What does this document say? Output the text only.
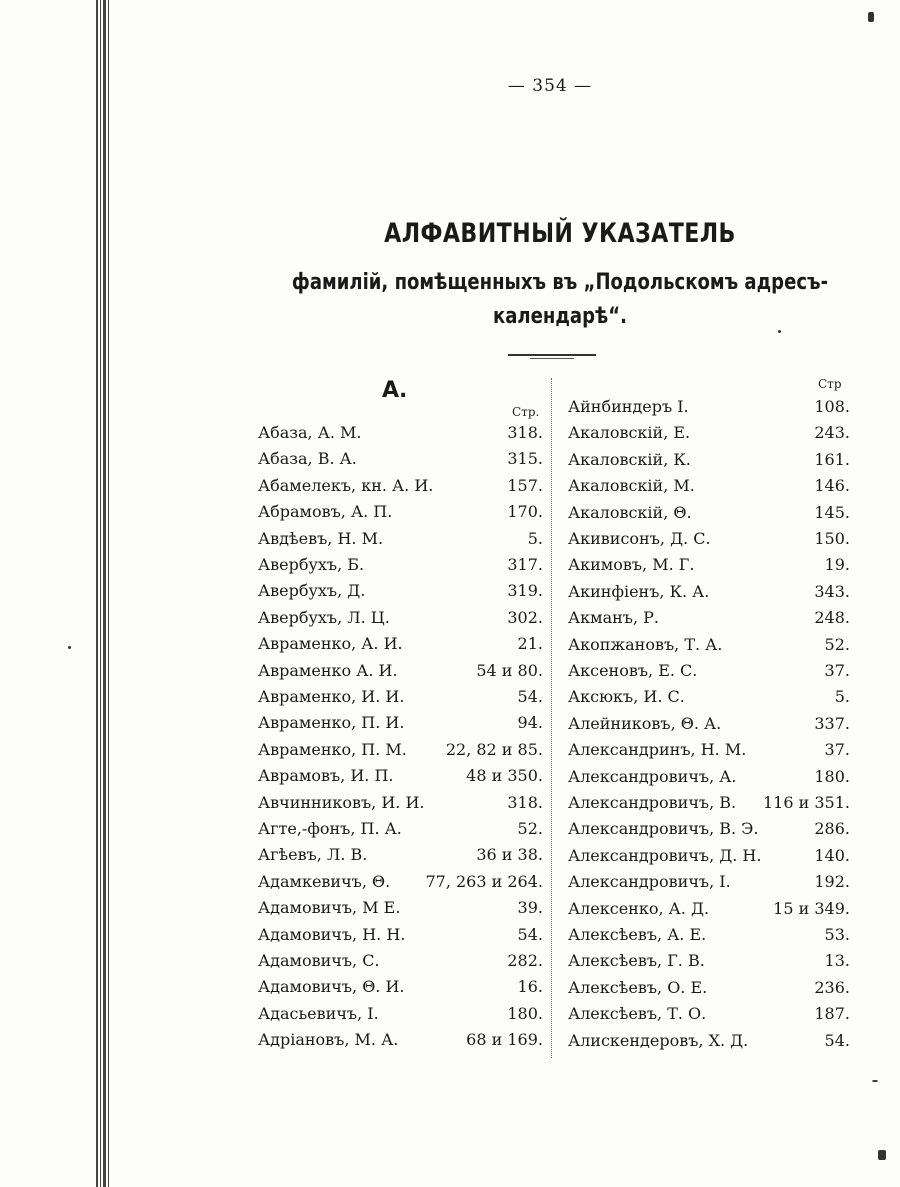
— 354 —
АЛФАВИТНЫЙ УКАЗАТЕЛЬ
фамилій, помѣщенныхъ въ „Подольскомъ адресъ-
календарѣ“.
А.
Стр.
Стр
Абаза, А. М.	318.
Абаза, В. А.	315.
Абамелекъ, кн. А. И.	157.
Абрамовъ, А. П.	170.
Авдѣевъ, Н. М.	5.
Авербухъ, Б.	317.
Авербухъ, Д.	319.
Авербухъ, Л. Ц.	302.
Авраменко, А. И.	21.
Авраменко А. И.	54 и 80.
Авраменко, И. И.	54.
Авраменко, П. И.	94.
Авраменко, П. М. 22, 82 и 85.
Аврамовъ, И. П.	48 и 350.
Авчинниковъ, И. И.	318.
Агте,-фонъ, П. А.	52.
Агѣевъ, Л. В.	36 и 38.
Адамкевичъ, Θ. 77, 263 и 264.
Адамовичъ, М Е.	39.
Адамовичъ, Н. Н.	54.
Адамовичъ, С.	282.
Адамовичъ, Θ. И.	16.
Адасьевичъ, I.	180.
Адріановъ, М. А.	68 и 169.
Айнбиндеръ I.	108.
Акаловскій, Е.	243.
Акаловскій, К.	161.
Акаловскій, М.	146.
Акаловскій, Θ.	145.
Акивисонъ, Д. С.	150.
Акимовъ, М. Г.	19.
Акинфіенъ, К. А.	343.
Акманъ, Р.	248.
Акопжановъ, Т. А.	52.
Аксеновъ, Е. С.	37.
Аксюкъ, И. С.	5.
Алейниковъ, Θ. А.	337.
Александринъ, Н. М.	37.
Александровичъ, А.	180.
Александровичъ, В. 116 и 351.
Александровичъ, В. Э.	286.
Александровичъ, Д. Н.	140.
Александровичъ, I.	192.
Алексенко, А. Д.	15 и 349.
Алексѣевъ, А. Е.	53.
Алексѣевъ, Г. В.	13.
Алексѣевъ, О. Е.	236.
Алексѣевъ, Т. О.	187.
Алискендеровъ, Х. Д.	54.
